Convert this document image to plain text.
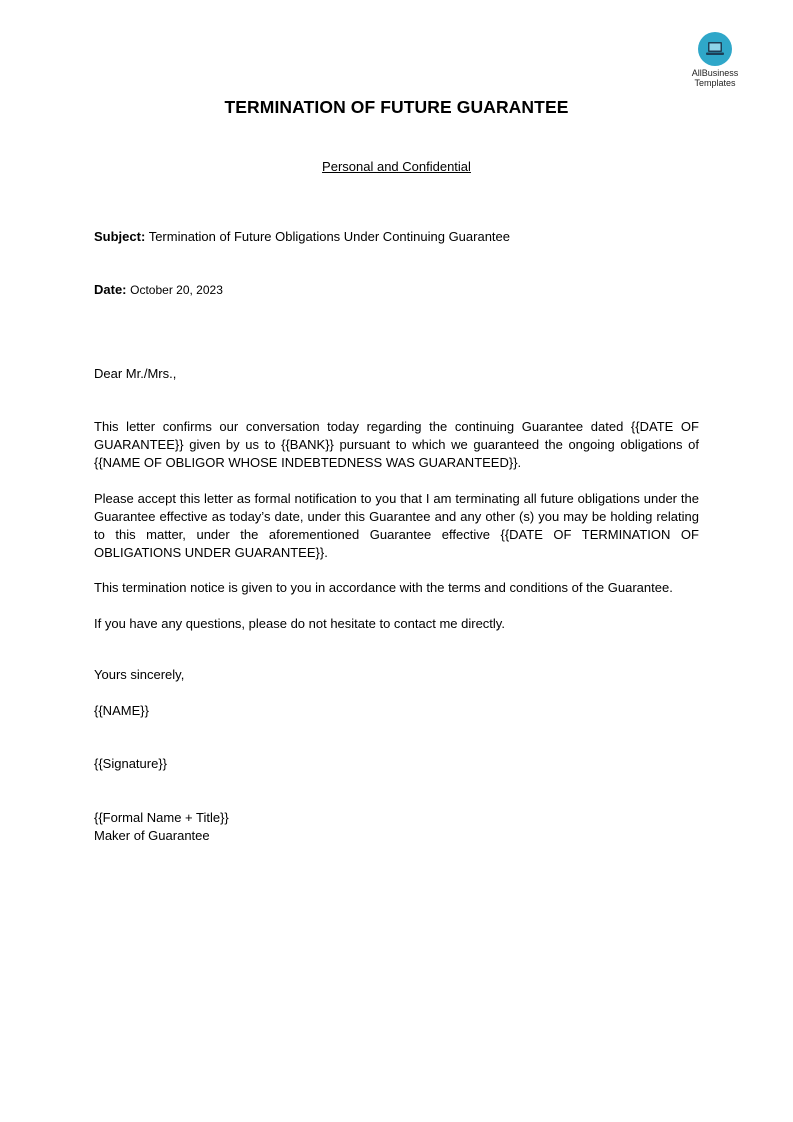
AllBusiness
Templates
TERMINATION OF FUTURE GUARANTEE
Personal and Confidential
Subject: Termination of Future Obligations Under Continuing Guarantee
Date: October 20, 2023
Dear Mr./Mrs.,
This letter confirms our conversation today regarding the continuing Guarantee dated {{DATE OF GUARANTEE}} given by us to {{BANK}} pursuant to which we guaranteed the ongoing obligations of {{NAME OF OBLIGOR WHOSE INDEBTEDNESS WAS GUARANTEED}}.
Please accept this letter as formal notification to you that I am terminating all future obligations under the Guarantee effective as today’s date, under this Guarantee and any other (s) you may be holding relating to this matter, under the aforementioned Guarantee effective {{DATE OF TERMINATION OF OBLIGATIONS UNDER GUARANTEE}}.
This termination notice is given to you in accordance with the terms and conditions of the Guarantee.
If you have any questions, please do not hesitate to contact me directly.
Yours sincerely,
{{NAME}}
{{Signature}}
{{Formal Name + Title}}
Maker of Guarantee
